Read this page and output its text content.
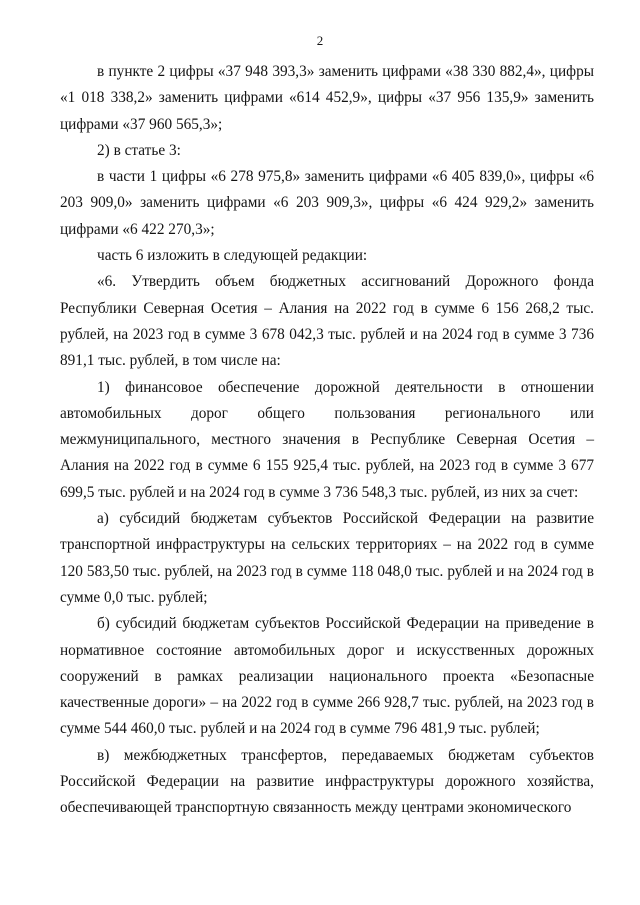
2

в пункте 2 цифры «37 948 393,3» заменить цифрами «38 330 882,4», цифры «1 018 338,2» заменить цифрами «614 452,9», цифры «37 956 135,9» заменить цифрами «37 960 565,3»;

2) в статье 3:

в части 1 цифры «6 278 975,8» заменить цифрами «6 405 839,0», цифры «6 203 909,0» заменить цифрами «6 203 909,3», цифры «6 424 929,2» заменить цифрами «6 422 270,3»;

часть 6 изложить в следующей редакции:

«6. Утвердить объем бюджетных ассигнований Дорожного фонда Республики Северная Осетия – Алания на 2022 год в сумме 6 156 268,2 тыс. рублей, на 2023 год в сумме 3 678 042,3 тыс. рублей и на 2024 год в сумме 3 736 891,1 тыс. рублей, в том числе на:

1) финансовое обеспечение дорожной деятельности в отношении автомобильных дорог общего пользования регионального или межмуниципального, местного значения в Республике Северная Осетия – Алания на 2022 год в сумме 6 155 925,4 тыс. рублей, на 2023 год в сумме 3 677 699,5 тыс. рублей и на 2024 год в сумме 3 736 548,3 тыс. рублей, из них за счет:

а) субсидий бюджетам субъектов Российской Федерации на развитие транспортной инфраструктуры на сельских территориях – на 2022 год в сумме 120 583,50 тыс. рублей, на 2023 год в сумме 118 048,0 тыс. рублей и на 2024 год в сумме 0,0 тыс. рублей;

б) субсидий бюджетам субъектов Российской Федерации на приведение в нормативное состояние автомобильных дорог и искусственных дорожных сооружений в рамках реализации национального проекта «Безопасные качественные дороги» – на 2022 год в сумме 266 928,7 тыс. рублей, на 2023 год в сумме 544 460,0 тыс. рублей и на 2024 год в сумме 796 481,9 тыс. рублей;

в) межбюджетных трансфертов, передаваемых бюджетам субъектов Российской Федерации на развитие инфраструктуры дорожного хозяйства, обеспечивающей транспортную связанность между центрами экономического
